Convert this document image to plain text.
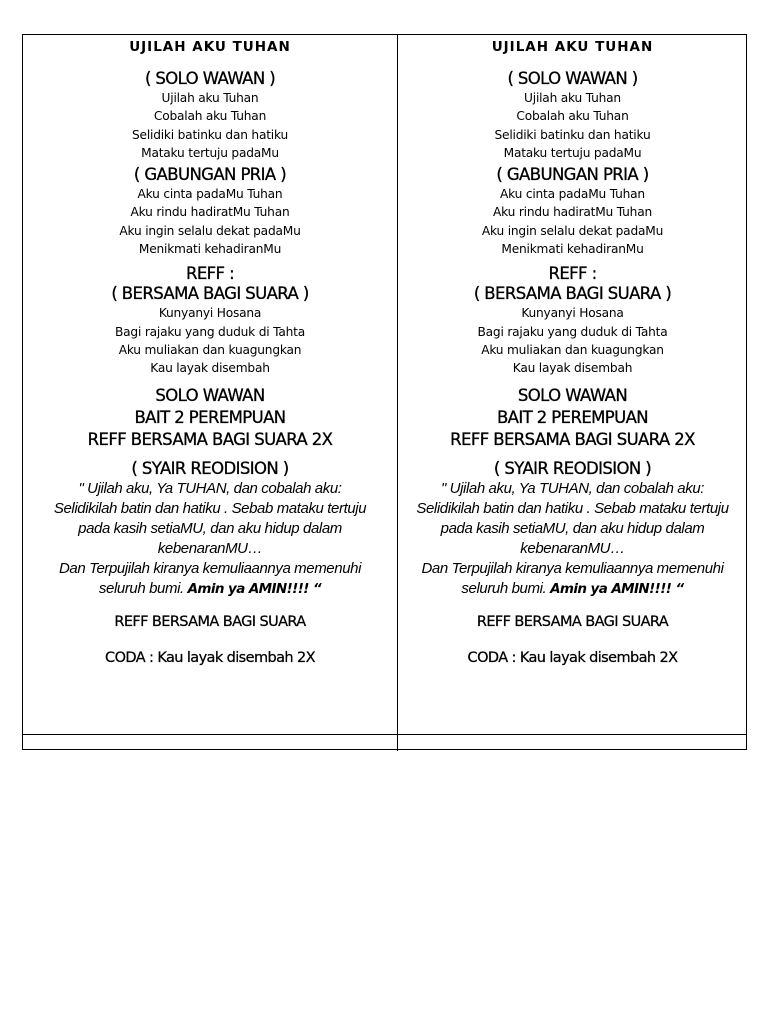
UJILAH AKU TUHAN
( SOLO WAWAN )
Ujilah aku Tuhan
Cobalah aku Tuhan
Selidiki batinku dan hatiku
Mataku tertuju padaMu
( GABUNGAN PRIA )
Aku cinta padaMu Tuhan
Aku rindu hadiratMu Tuhan
Aku ingin selalu dekat padaMu
Menikmati kehadiranMu
REFF :
( BERSAMA BAGI SUARA )
Kunyanyi Hosana
Bagi rajaku yang duduk di Tahta
Aku muliakan dan kuagungkan
Kau layak disembah
SOLO WAWAN
BAIT 2 PEREMPUAN
REFF BERSAMA BAGI SUARA 2X
( SYAIR REODISION )
" Ujilah aku, Ya TUHAN, dan cobalah aku:
Selidikilah batin dan hatiku . Sebab mataku tertuju
pada kasih setiaMU, dan aku hidup dalam
kebenaranMU…
Dan Terpujilah kiranya kemuliaannya memenuhi
seluruh bumi. Amin ya AMIN!!!! “
REFF BERSAMA BAGI SUARA
CODA : Kau layak disembah 2X
UJILAH AKU TUHAN
( SOLO WAWAN )
Ujilah aku Tuhan
Cobalah aku Tuhan
Selidiki batinku dan hatiku
Mataku tertuju padaMu
( GABUNGAN PRIA )
Aku cinta padaMu Tuhan
Aku rindu hadiratMu Tuhan
Aku ingin selalu dekat padaMu
Menikmati kehadiranMu
REFF :
( BERSAMA BAGI SUARA )
Kunyanyi Hosana
Bagi rajaku yang duduk di Tahta
Aku muliakan dan kuagungkan
Kau layak disembah
SOLO WAWAN
BAIT 2 PEREMPUAN
REFF BERSAMA BAGI SUARA 2X
( SYAIR REODISION )
" Ujilah aku, Ya TUHAN, dan cobalah aku:
Selidikilah batin dan hatiku . Sebab mataku tertuju
pada kasih setiaMU, dan aku hidup dalam
kebenaranMU…
Dan Terpujilah kiranya kemuliaannya memenuhi
seluruh bumi. Amin ya AMIN!!!! “
REFF BERSAMA BAGI SUARA
CODA : Kau layak disembah 2X
